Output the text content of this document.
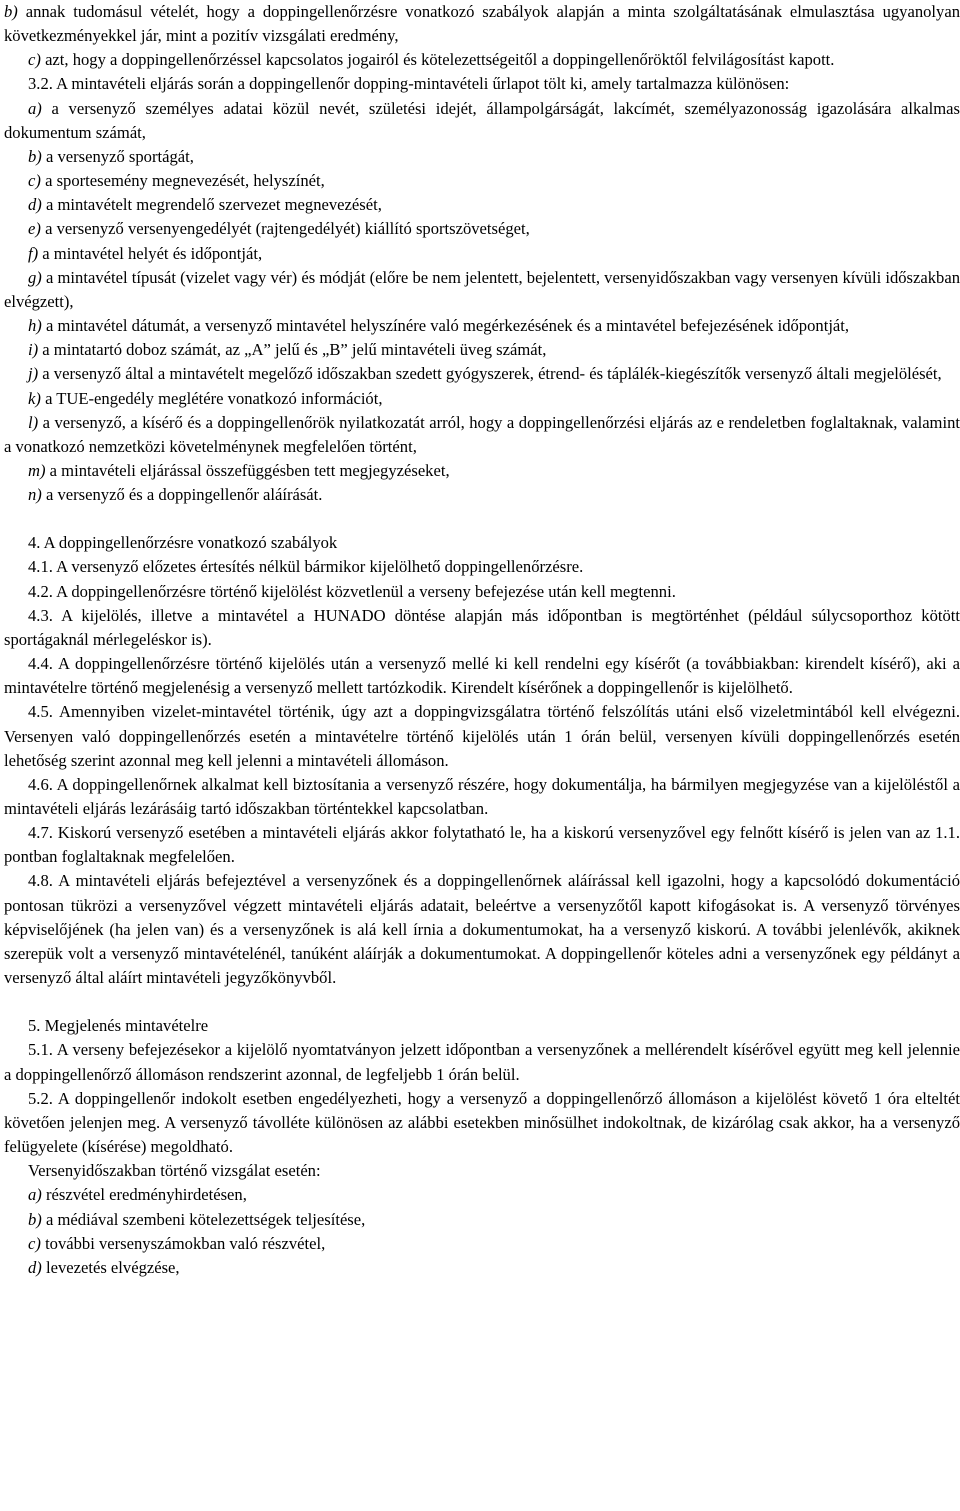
b) annak tudomásul vételét, hogy a doppingellenőrzésre vonatkozó szabályok alapján a minta szolgáltatásának elmulasztása ugyanolyan következményekkel jár, mint a pozitív vizsgálati eredmény,

c) azt, hogy a doppingellenőrzéssel kapcsolatos jogairól és kötelezettségeitől a doppingellenőröktől felvilágosítást kapott.

3.2. A mintavételi eljárás során a doppingellenőr dopping-mintavételi űrlapot tölt ki, amely tartalmazza különösen:

a) a versenyző személyes adatai közül nevét, születési idejét, állampolgárságát, lakcímét, személyazonosság igazolására alkalmas dokumentum számát,

b) a versenyző sportágát,

c) a sportesemény megnevezését, helyszínét,

d) a mintavételt megrendelő szervezet megnevezését,

e) a versenyző versenyengedélyét (rajtengedélyét) kiállító sportszövetséget,

f) a mintavétel helyét és időpontját,

g) a mintavétel típusát (vizelet vagy vér) és módját (előre be nem jelentett, bejelentett, versenyidőszakban vagy versenyen kívüli időszakban elvégzett),

h) a mintavétel dátumát, a versenyző mintavétel helyszínére való megérkezésének és a mintavétel befejezésének időpontját,

i) a mintatartó doboz számát, az „A” jelű és „B” jelű mintavételi üveg számát,

j) a versenyző által a mintavételt megelőző időszakban szedett gyógyszerek, étrend- és táplálék-kiegészítők versenyző általi megjelölését,

k) a TUE-engedély meglétére vonatkozó információt,

l) a versenyző, a kísérő és a doppingellenőrök nyilatkozatát arról, hogy a doppingellenőrzési eljárás az e rendeletben foglaltaknak, valamint a vonatkozó nemzetközi követelménynek megfelelően történt,

m) a mintavételi eljárással összefüggésben tett megjegyzéseket,

n) a versenyző és a doppingellenőr aláírását.

4. A doppingellenőrzésre vonatkozó szabályok

4.1. A versenyző előzetes értesítés nélkül bármikor kijelölhető doppingellenőrzésre.

4.2. A doppingellenőrzésre történő kijelölést közvetlenül a verseny befejezése után kell megtenni.

4.3. A kijelölés, illetve a mintavétel a HUNADO döntése alapján más időpontban is megtörténhet (például súlycsoporthoz kötött sportágaknál mérlegeléskor is).

4.4. A doppingellenőrzésre történő kijelölés után a versenyző mellé ki kell rendelni egy kísérőt (a továbbiakban: kirendelt kísérő), aki a mintavételre történő megjelenésig a versenyző mellett tartózkodik. Kirendelt kísérőnek a doppingellenőr is kijelölhető.

4.5. Amennyiben vizelet-mintavétel történik, úgy azt a doppingvizsgálatra történő felszólítás utáni első vizeletmintából kell elvégezni. Versenyen való doppingellenőrzés esetén a mintavételre történő kijelölés után 1 órán belül, versenyen kívüli doppingellenőrzés esetén lehetőség szerint azonnal meg kell jelenni a mintavételi állomáson.

4.6. A doppingellenőrnek alkalmat kell biztosítania a versenyző részére, hogy dokumentálja, ha bármilyen megjegyzése van a kijelöléstől a mintavételi eljárás lezárásáig tartó időszakban történtekkel kapcsolatban.

4.7. Kiskorú versenyző esetében a mintavételi eljárás akkor folytatható le, ha a kiskorú versenyzővel egy felnőtt kísérő is jelen van az 1.1. pontban foglaltaknak megfelelően.

4.8. A mintavételi eljárás befejeztével a versenyzőnek és a doppingellenőrnek aláírással kell igazolni, hogy a kapcsolódó dokumentáció pontosan tükrözi a versenyzővel végzett mintavételi eljárás adatait, beleértve a versenyzőtől kapott kifogásokat is. A versenyző törvényes képviselőjének (ha jelen van) és a versenyzőnek is alá kell írnia a dokumentumokat, ha a versenyző kiskorú. A további jelenlévők, akiknek szerepük volt a versenyző mintavételénél, tanúként aláírják a dokumentumokat. A doppingellenőr köteles adni a versenyzőnek egy példányt a versenyző által aláírt mintavételi jegyzőkönyvből.

5. Megjelenés mintavételre

5.1. A verseny befejezésekor a kijelölő nyomtatványon jelzett időpontban a versenyzőnek a mellérendelt kísérővel együtt meg kell jelennie a doppingellenőrző állomáson rendszerint azonnal, de legfeljebb 1 órán belül.

5.2. A doppingellenőr indokolt esetben engedélyezheti, hogy a versenyző a doppingellenőrző állomáson a kijelölést követő 1 óra elteltét követően jelenjen meg. A versenyző távolléte különösen az alábbi esetekben minősülhet indokoltnak, de kizárólag csak akkor, ha a versenyző felügyelete (kísérése) megoldható.

Versenyidőszakban történő vizsgálat esetén:

a) részvétel eredményhirdetésen,

b) a médiával szembeni kötelezettségek teljesítése,

c) további versenyszámokban való részvétel,

d) levezetés elvégzése,
